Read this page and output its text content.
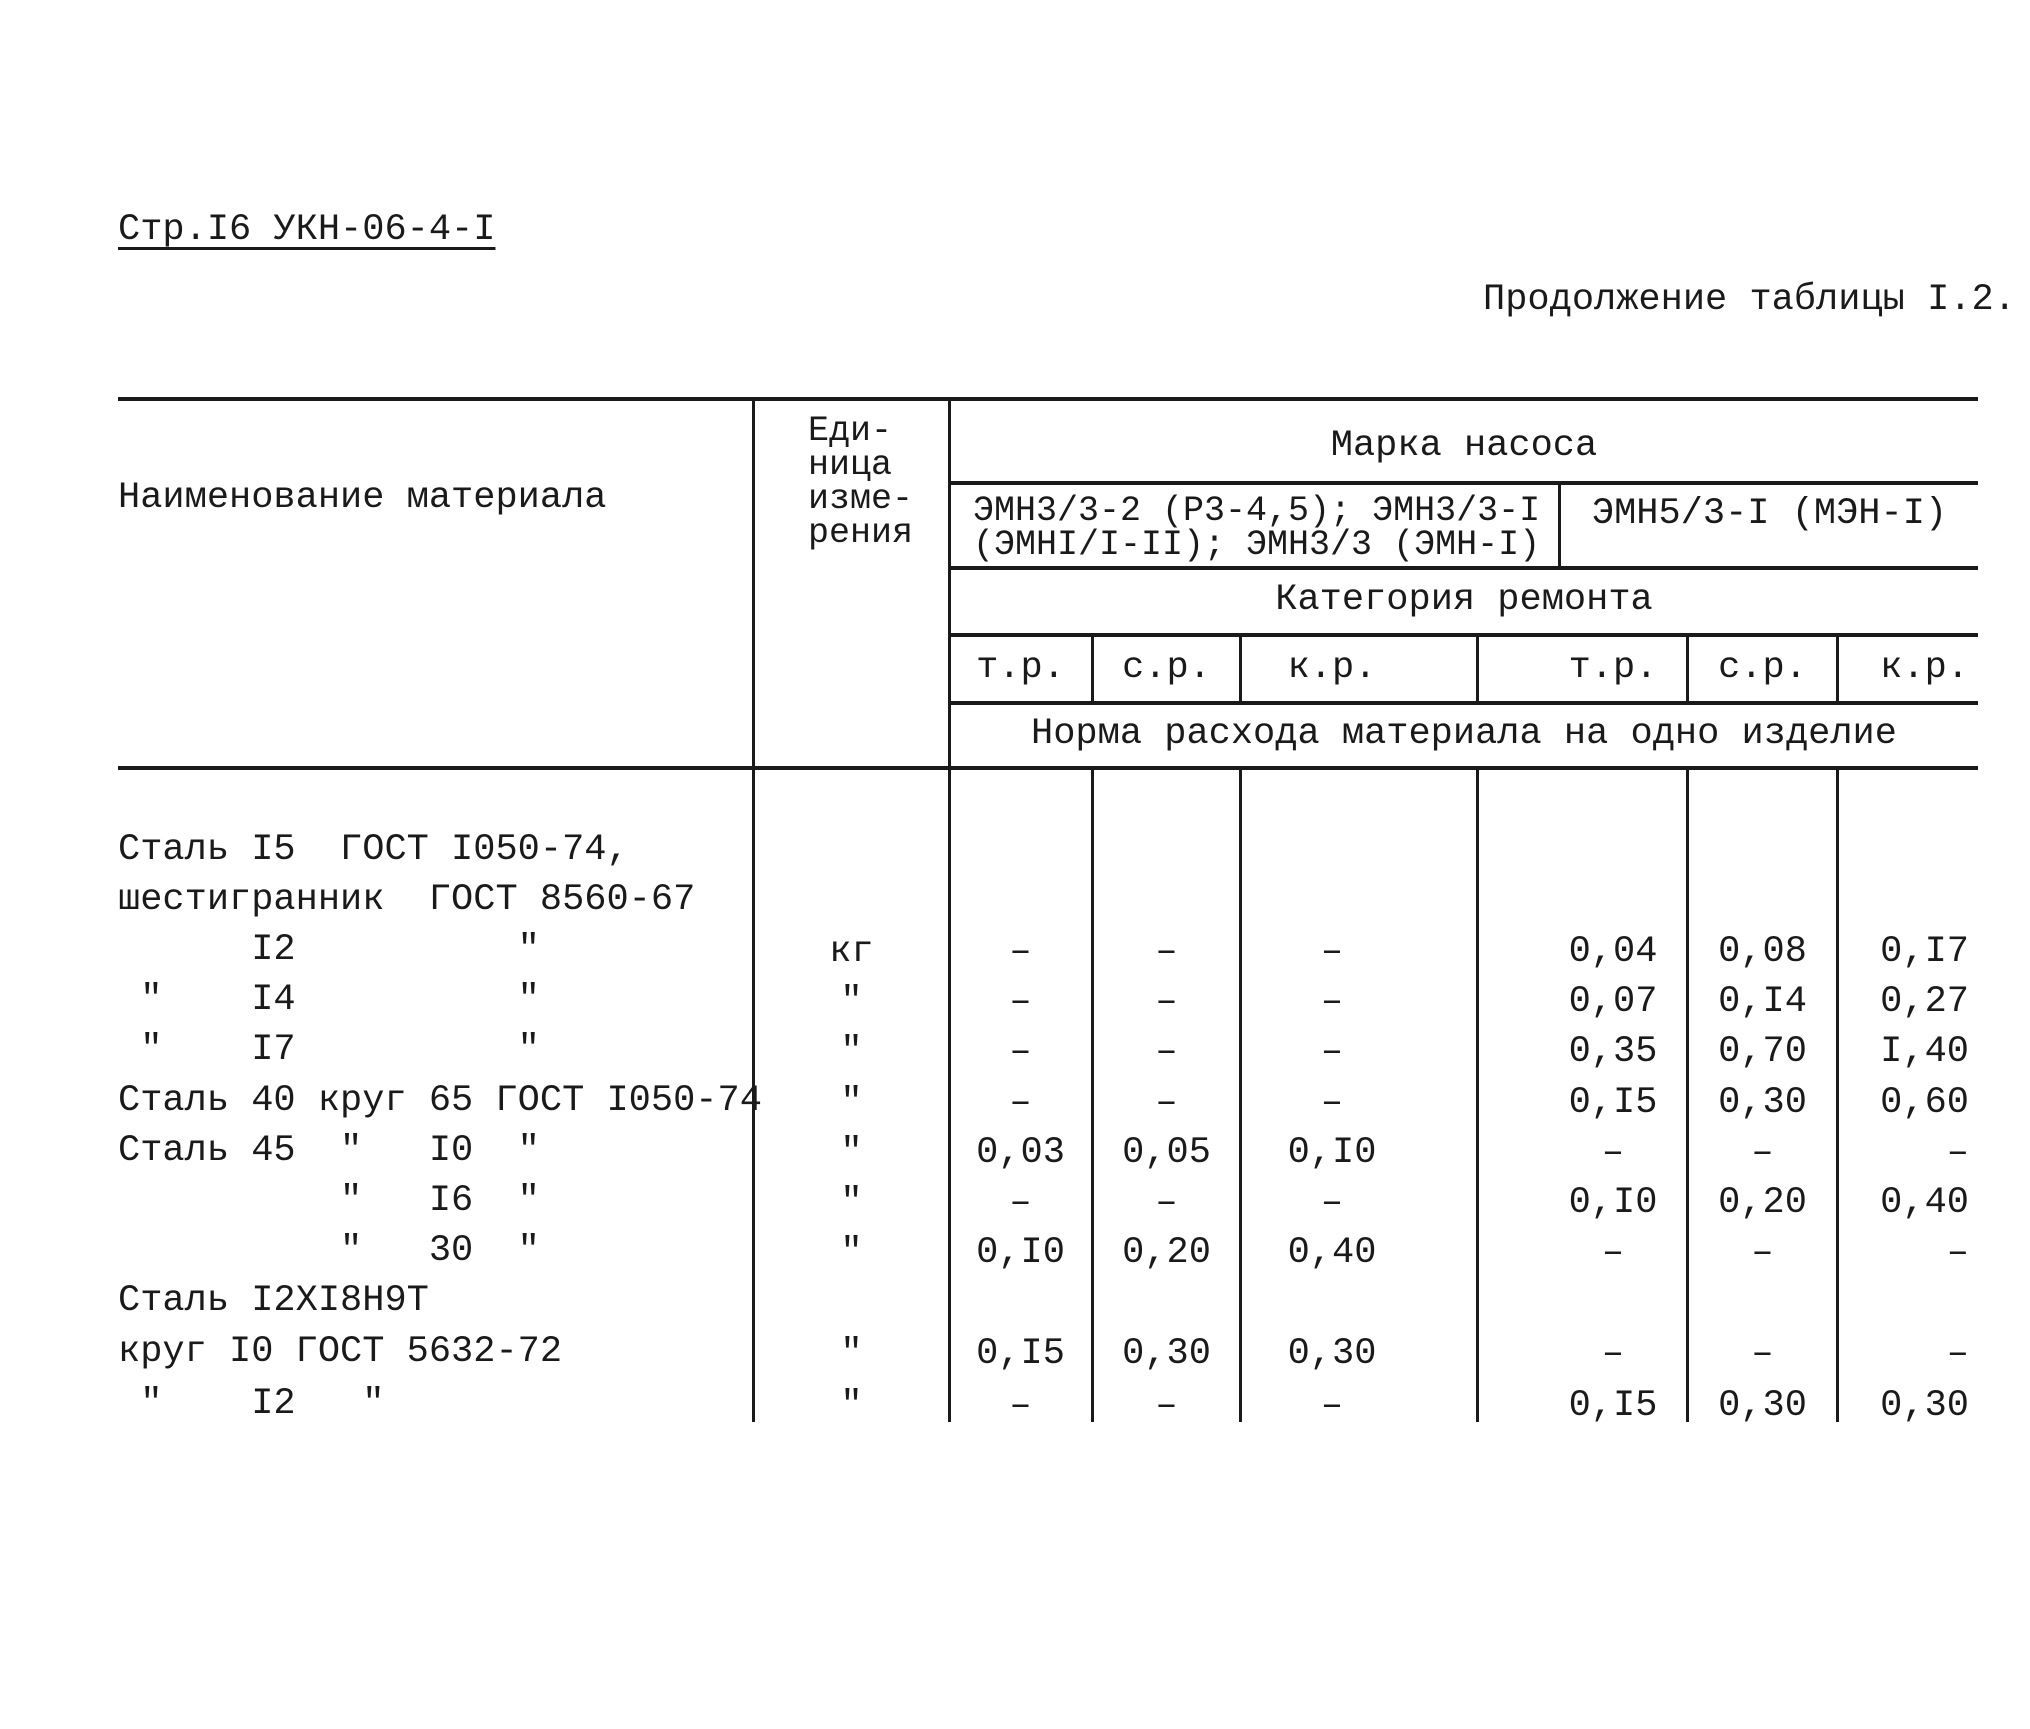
Стр.I6 УКН-06-4-I
Продолжение таблицы I.2.
Наименование материала
Еди-
ница
изме-
рения
Марка насоса
ЭМН3/3-2 (Р3-4,5); ЭМН3/3-I
(ЭМНI/I-II); ЭМН3/3 (ЭМН-I)
ЭМН5/3-I (МЭН-I)
Категория ремонта
т.р.	с.р.	к.р.	т.р.	с.р.	к.р.
Норма расхода материала на одно изделие
Сталь I5  ГОСТ I050-74,
шестигранник  ГОСТ 8560-67
I2          "	кг	–	–	–	0,04	0,08	0,I7
"    I4          "	"	–	–	–	0,07	0,I4	0,27
"    I7          "	"	–	–	–	0,35	0,70	I,40
Сталь 40 круг 65 ГОСТ I050-74	"	–	–	–	0,I5	0,30	0,60
Сталь 45  "   I0  "	"	0,03	0,05	0,I0	–	–	–
"   I6  "	"	–	–	–	0,I0	0,20	0,40
"   30  "	"	0,I0	0,20	0,40	–	–	–
Сталь I2XI8H9T
круг I0 ГОСТ 5632-72	"	0,I5	0,30	0,30	–	–	–
"    I2   "	"	–	–	–	0,I5	0,30	0,30
